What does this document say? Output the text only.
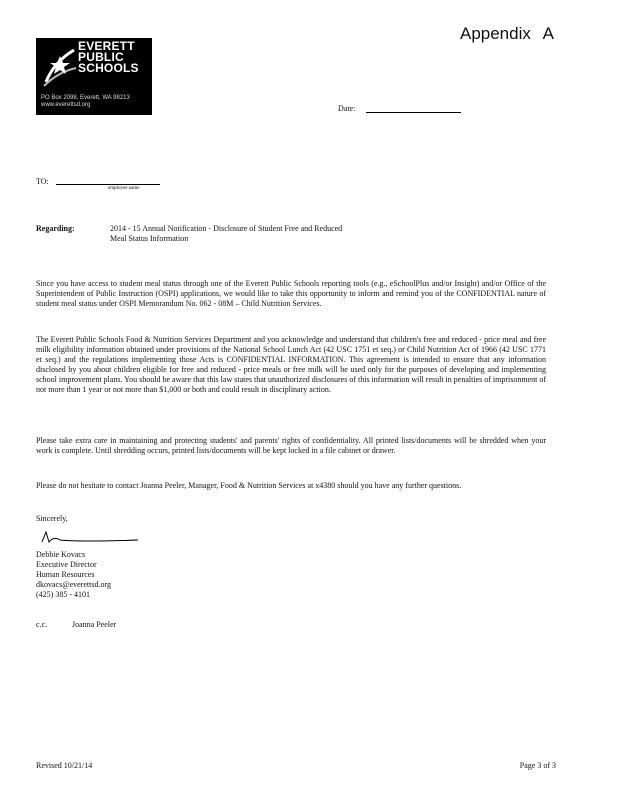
Appendix A
EVERETT
PUBLIC
SCHOOLS
PO Box 2098, Everett, WA 98213
www.everettsd.org	Date:
TO:
employee name
Regarding:	2014 - 15 Annual Notification - Disclosure of Student Free and Reduced
Meal Status Information
Since you have access to student meal status through one of the Everett Public Schools reporting tools (e.g., eSchoolPlus and/or Insight) and/or Office of the Superintendent of Public Instruction (OSPI) applications, we would like to take this opportunity to inform and remind you of the CONFIDENTIAL nature of student meal status under OSPI Memorandum No. 062 - 08M – Child Nutrition Services.
The Everett Public Schools Food & Nutrition Services Department and you acknowledge and understand that children's free and reduced - price meal and free milk eligibility information obtained under provisions of the National School Lunch Act (42 USC 1751 et seq.) or Child Nutrition Act of 1966 (42 USC 1771 et seq.) and the regulations implementing those Acts is CONFIDENTIAL INFORMATION. This agreement is intended to ensure that any information disclosed by you about children eligible for free and reduced - price meals or free milk will be used only for the purposes of developing and implementing school improvement plans. You should be aware that this law states that unauthorized disclosures of this information will result in penalties of imprisonment of not more than 1 year or not more than $1,000 or both and could result in disciplinary action.
Please take extra care in maintaining and protecting students' and parents' rights of confidentiality. All printed lists/documents will be shredded when your work is complete. Until shredding occurs, printed lists/documents will be kept locked in a file cabinet or drawer.
Please do not hesitate to contact Joanna Peeler, Manager, Food & Nutrition Services at x4380 should you have any further questions.
Sincerely,
Debbie Kovacs
Executive Director
Human Resources
dkovacs@everettsd.org
(425) 385 - 4101
c.c.	Joanna Peeler
Revised 10/21/14	Page 3 of 3
